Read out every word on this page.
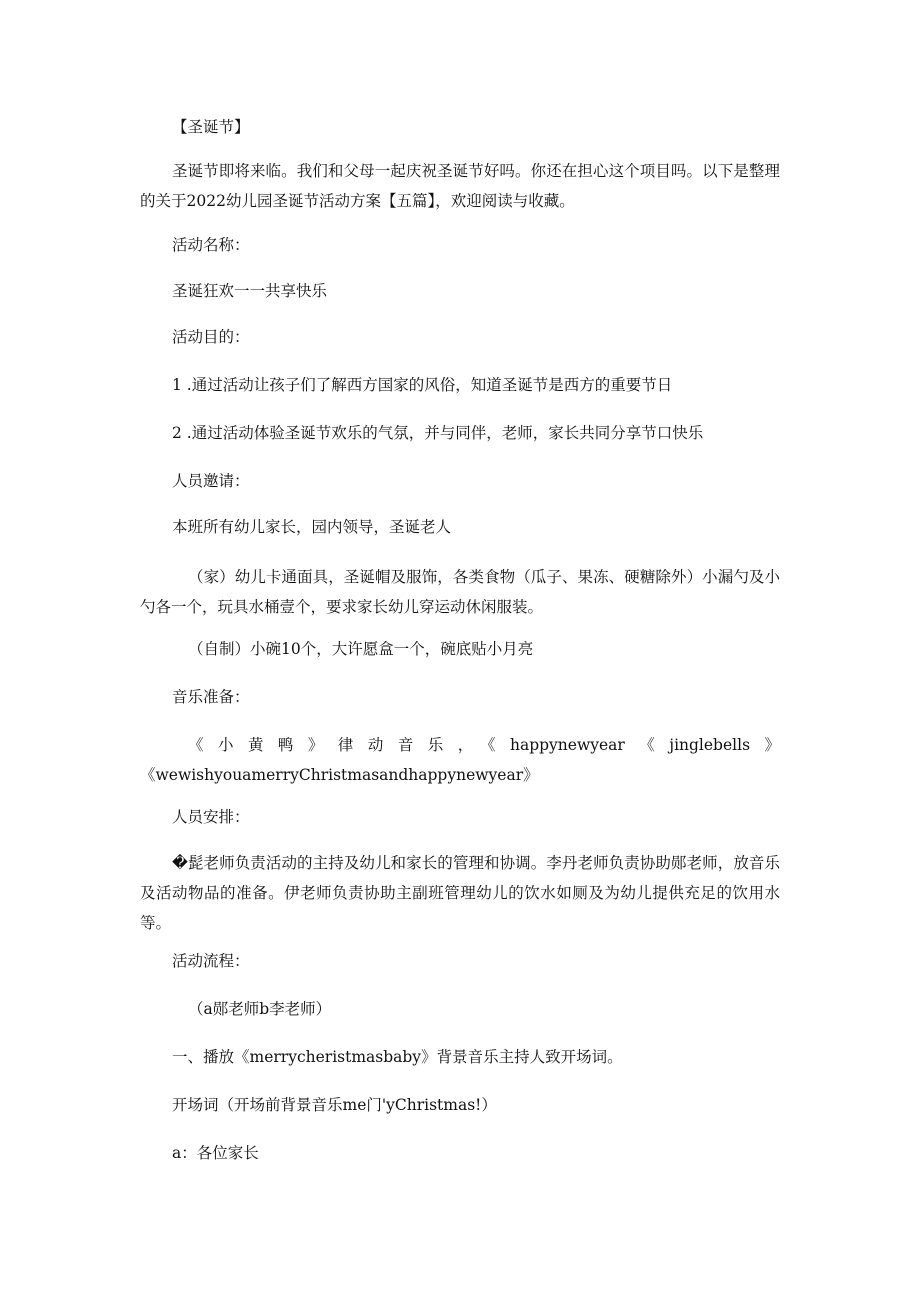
【圣诞节】

圣诞节即将来临。我们和父母一起庆祝圣诞节好吗。你还在担心这个项目吗。以下是整理的关于2022幼儿园圣诞节活动方案【五篇】，欢迎阅读与收藏。

活动名称：

圣诞狂欢一一共享快乐

活动目的：

1 .通过活动让孩子们了解西方国家的风俗，知道圣诞节是西方的重要节日

2 .通过活动体验圣诞节欢乐的气氛，并与同伴，老师，家长共同分享节口快乐

人员邀请：

本班所有幼儿家长，园内领导，圣诞老人

（家）幼儿卡通面具，圣诞帽及服饰，各类食物（瓜子、果冻、硬糖除外）小漏勺及小勺各一个，玩具水桶壹个，要求家长幼儿穿运动休闲服装。

（自制）小碗10个，大许愿盒一个，碗底贴小月亮

音乐准备：

《小黄鸭》律动音乐，《happynewyear《jinglebells》《wewishyouamerryChristmasandhappynewyear》

人员安排：

�髭老师负责活动的主持及幼儿和家长的管理和协调。李丹老师负责协助郧老师，放音乐及活动物品的准备。伊老师负责协助主副班管理幼儿的饮水如厕及为幼儿提供充足的饮用水等。

活动流程：

（a郧老师b李老师）

一、播放《merrycheristmasbaby》背景音乐主持人致开场词。

开场词（开场前背景音乐me门'yChristmas!）

a：各位家长
